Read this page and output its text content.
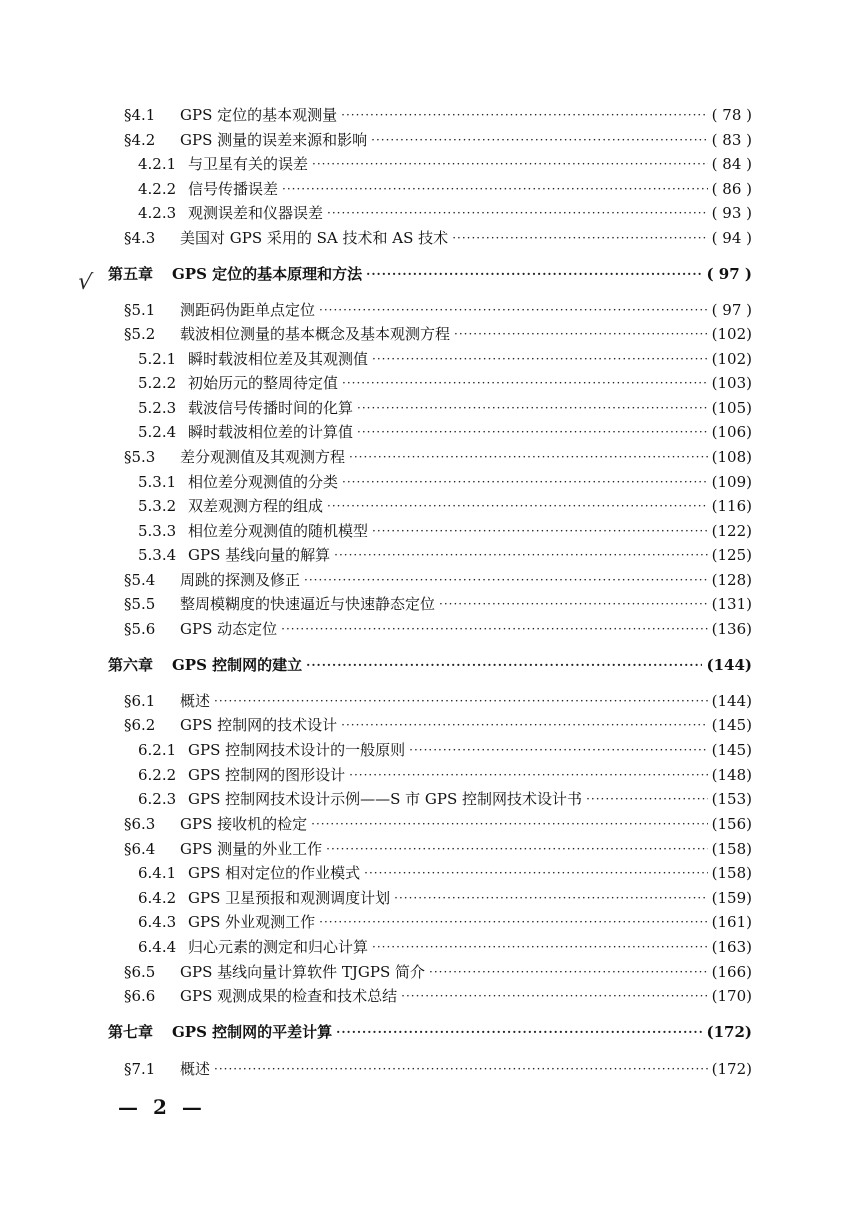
§4.1	GPS 定位的基本观测量 ·····	( 78 )
§4.2	GPS 测量的误差来源和影响 ·····	( 83 )
4.2.1 与卫星有关的误差 ·····	( 84 )
4.2.2 信号传播误差 ·····	( 86 )
4.2.3 观测误差和仪器误差 ·····	( 93 )
§4.3	美国对 GPS 采用的 SA 技术和 AS 技术 ·····	( 94 )
第五章	GPS 定位的基本原理和方法 ·····	( 97 )
§5.1	测距码伪距单点定位 ·····	( 97 )
§5.2	载波相位测量的基本概念及基本观测方程 ·····	(102)
5.2.1 瞬时载波相位差及其观测值 ·····	(102)
5.2.2 初始历元的整周待定值 ·····	(103)
5.2.3 载波信号传播时间的化算 ·····	(105)
5.2.4 瞬时载波相位差的计算值 ·····	(106)
§5.3	差分观测值及其观测方程 ·····	(108)
5.3.1 相位差分观测值的分类 ·····	(109)
5.3.2 双差观测方程的组成 ·····	(116)
5.3.3 相位差分观测值的随机模型 ·····	(122)
5.3.4 GPS 基线向量的解算 ·····	(125)
§5.4	周跳的探测及修正 ·····	(128)
§5.5	整周模糊度的快速逼近与快速静态定位 ·····	(131)
§5.6	GPS 动态定位 ·····	(136)
第六章	GPS 控制网的建立 ·····	(144)
§6.1	概述 ·····	(144)
§6.2	GPS 控制网的技术设计 ·····	(145)
6.2.1 GPS 控制网技术设计的一般原则 ·····	(145)
6.2.2 GPS 控制网的图形设计 ·····	(148)
6.2.3 GPS 控制网技术设计示例——S 市 GPS 控制网技术设计书 ·····	(153)
§6.3	GPS 接收机的检定 ·····	(156)
§6.4	GPS 测量的外业工作 ·····	(158)
6.4.1 GPS 相对定位的作业模式 ·····	(158)
6.4.2 GPS 卫星预报和观测调度计划 ·····	(159)
6.4.3 GPS 外业观测工作 ·····	(161)
6.4.4 归心元素的测定和归心计算 ·····	(163)
§6.5	GPS 基线向量计算软件 TJGPS 简介 ·····	(166)
§6.6	GPS 观测成果的检查和技术总结 ·····	(170)
第七章	GPS 控制网的平差计算 ·····	(172)
§7.1	概述 ·····	(172)
√
— 2 —
